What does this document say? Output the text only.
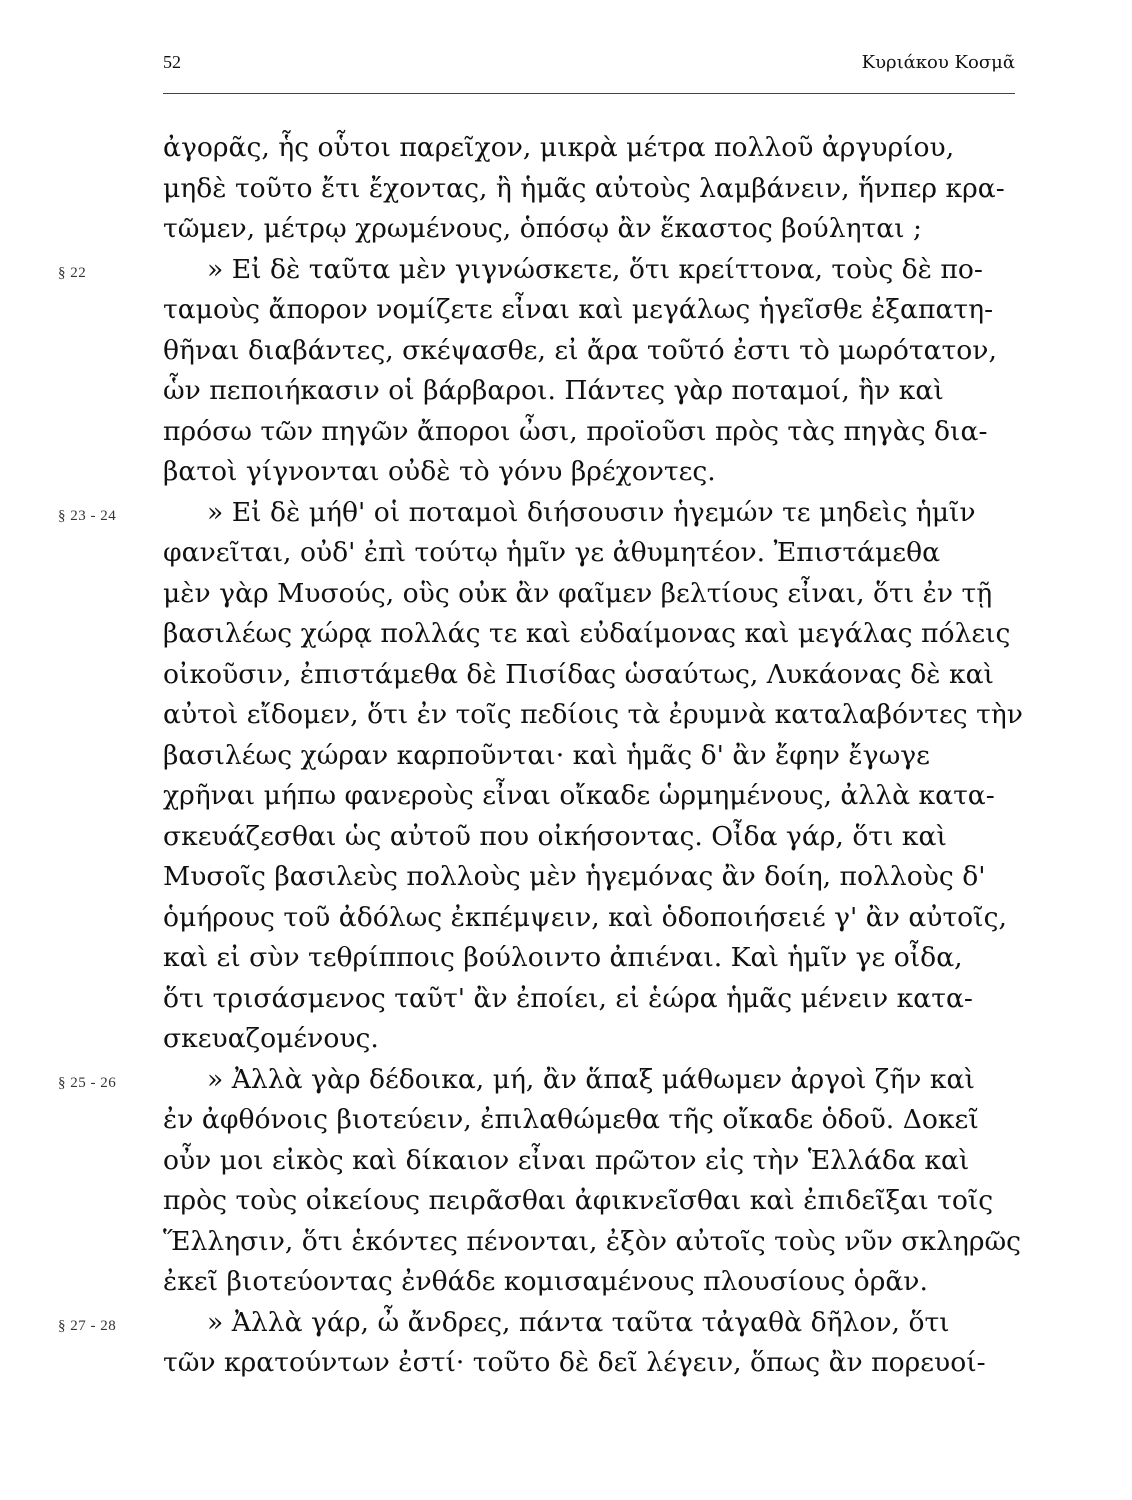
52	Κυριάκου Κοσμᾶ
ἀγορᾶς, ἧς οὗτοι παρεῖχον, μικρὰ μέτρα πολλοῦ ἀργυρίου,
μηδὲ τοῦτο ἔτι ἔχοντας, ἢ ἡμᾶς αὐτοὺς λαμβάνειν, ἥνπερ κρα-
τῶμεν, μέτρῳ χρωμένους, ὁπόσῳ ἂν ἕκαστος βούληται ;
§ 22	» Εἰ δὲ ταῦτα μὲν γιγνώσκετε, ὅτι κρείττονα, τοὺς δὲ πο-
ταμοὺς ἄπορον νομίζετε εἶναι καὶ μεγάλως ἡγεῖσθε ἐξαπατη-
θῆναι διαβάντες, σκέψασθε, εἰ ἄρα τοῦτό ἐστι τὸ μωρότατον,
ὧν πεποιήκασιν οἱ βάρβαροι. Πάντες γὰρ ποταμοί, ἣν καὶ
πρόσω τῶν πηγῶν ἄποροι ὦσι, προϊοῦσι πρὸς τὰς πηγὰς δια-
βατοὶ γίγνονται οὐδὲ τὸ γόνυ βρέχοντες.
§ 23 - 24	» Εἰ δὲ μήθ' οἱ ποταμοὶ διήσουσιν ἡγεμών τε μηδεὶς ἡμῖν
φανεῖται, οὐδ' ἐπὶ τούτῳ ἡμῖν γε ἀθυμητέον. Ἐπιστάμεθα
μὲν γὰρ Μυσούς, οὓς οὐκ ἂν φαῖμεν βελτίους εἶναι, ὅτι ἐν τῇ
βασιλέως χώρᾳ πολλάς τε καὶ εὐδαίμονας καὶ μεγάλας πόλεις
οἰκοῦσιν, ἐπιστάμεθα δὲ Πισίδας ὡσαύτως, Λυκάονας δὲ καὶ
αὐτοὶ εἴδομεν, ὅτι ἐν τοῖς πεδίοις τὰ ἐρυμνὰ καταλαβόντες τὴν
βασιλέως χώραν καρποῦνται· καὶ ἡμᾶς δ' ἂν ἔφην ἔγωγε
χρῆναι μήπω φανεροὺς εἶναι οἴκαδε ὡρμημένους, ἀλλὰ κατα-
σκευάζεσθαι ὡς αὐτοῦ που οἰκήσοντας. Οἶδα γάρ, ὅτι καὶ
Μυσοῖς βασιλεὺς πολλοὺς μὲν ἡγεμόνας ἂν δοίη, πολλοὺς δ'
ὁμήρους τοῦ ἀδόλως ἐκπέμψειν, καὶ ὁδοποιήσειέ γ' ἂν αὐτοῖς,
καὶ εἰ σὺν τεθρίπποις βούλοιντο ἀπιέναι. Καὶ ἡμῖν γε οἶδα,
ὅτι τρισάσμενος ταῦτ' ἂν ἐποίει, εἰ ἑώρα ἡμᾶς μένειν κατα-
σκευαζομένους.
§ 25 - 26	» Ἀλλὰ γὰρ δέδοικα, μή, ἂν ἅπαξ μάθωμεν ἀργοὶ ζῆν καὶ
ἐν ἀφθόνοις βιοτεύειν, ἐπιλαθώμεθα τῆς οἴκαδε ὁδοῦ. Δοκεῖ
οὖν μοι εἰκὸς καὶ δίκαιον εἶναι πρῶτον εἰς τὴν Ἑλλάδα καὶ
πρὸς τοὺς οἰκείους πειρᾶσθαι ἀφικνεῖσθαι καὶ ἐπιδεῖξαι τοῖς
Ἕλλησιν, ὅτι ἑκόντες πένονται, ἐξὸν αὐτοῖς τοὺς νῦν σκληρῶς
ἐκεῖ βιοτεύοντας ἐνθάδε κομισαμένους πλουσίους ὁρᾶν.
§ 27 - 28	» Ἀλλὰ γάρ, ὦ ἄνδρες, πάντα ταῦτα τἀγαθὰ δῆλον, ὅτι
τῶν κρατούντων ἐστί· τοῦτο δὲ δεῖ λέγειν, ὅπως ἂν πορευοί-
